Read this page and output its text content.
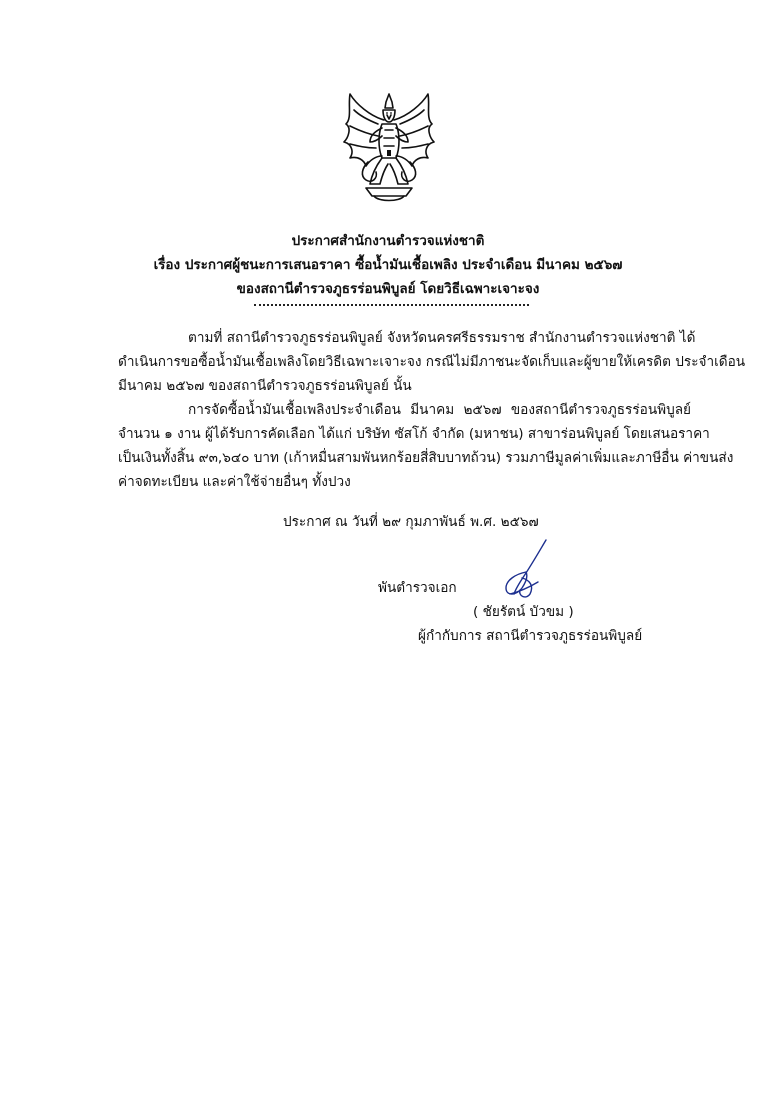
ประกาศสำนักงานตำรวจแห่งชาติ
เรื่อง ประกาศผู้ชนะการเสนอราคา ซื้อน้ำมันเชื้อเพลิง ประจำเดือน มีนาคม ๒๕๖๗
ของสถานีตำรวจภูธรร่อนพิบูลย์ โดยวิธีเฉพาะเจาะจง

ตามที่ สถานีตำรวจภูธรร่อนพิบูลย์ จังหวัดนครศรีธรรมราช สำนักงานตำรวจแห่งชาติ ได้

ดำเนินการขอซื้อน้ำมันเชื้อเพลิงโดยวิธีเฉพาะเจาะจง กรณีไม่มีภาชนะจัดเก็บและผู้ขายให้เครดิต ประจำเดือน

มีนาคม ๒๕๖๗ ของสถานีตำรวจภูธรร่อนพิบูลย์ นั้น

การจัดซื้อน้ำมันเชื้อเพลิงประจำเดือน มีนาคม ๒๕๖๗ ของสถานีตำรวจภูธรร่อนพิบูลย์

จำนวน ๑ งาน ผู้ได้รับการคัดเลือก ได้แก่ บริษัท ซัสโก้ จำกัด (มหาชน) สาขาร่อนพิบูลย์ โดยเสนอราคา

เป็นเงินทั้งสิ้น ๙๓,๖๔๐ บาท (เก้าหมื่นสามพันหกร้อยสี่สิบบาทถ้วน) รวมภาษีมูลค่าเพิ่มและภาษีอื่น ค่าขนส่ง

ค่าจดทะเบียน และค่าใช้จ่ายอื่นๆ ทั้งปวง

ประกาศ ณ วันที่ ๒๙ กุมภาพันธ์ พ.ศ. ๒๕๖๗

พันตำรวจเอก

( ชัยรัตน์ บัวขม )

ผู้กำกับการ สถานีตำรวจภูธรร่อนพิบูลย์
